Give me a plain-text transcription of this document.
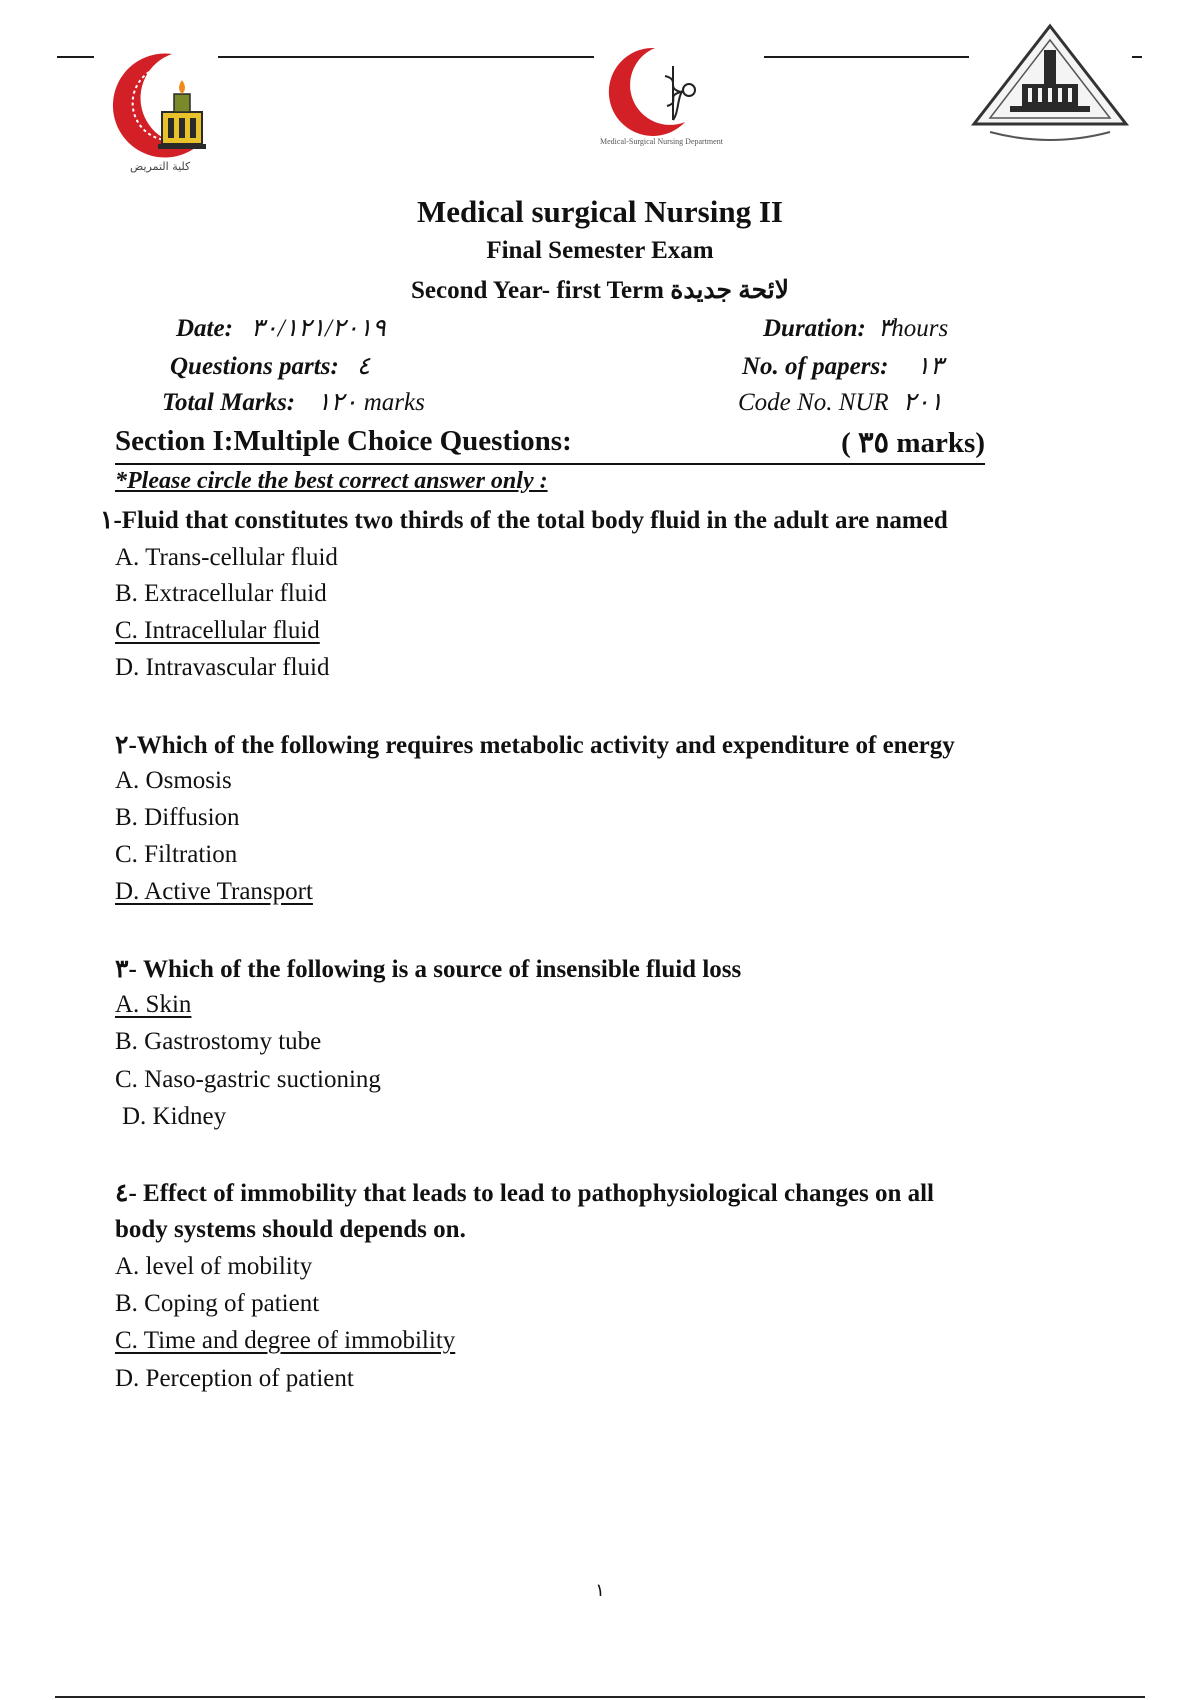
كلية التمريض
Medical-Surgical Nursing Department
Medical surgical Nursing II
Final Semester Exam
Second Year- first Term لائحة جديدة
Date: ٣٠/١٢١/٢٠١٩	Duration: ٣hours
Questions parts: ٤	No. of papers: ١٣
Total Marks: ١٢٠ marks	Code No. NUR ٢٠١
Section I:Multiple Choice Questions:	( ٣٥ marks)
*Please circle the best correct answer only :
١-Fluid that constitutes two thirds of the total body fluid in the adult are named
A. Trans-cellular fluid
B. Extracellular fluid
C. Intracellular fluid
D. Intravascular fluid
٢-Which of the following requires metabolic activity and expenditure of energy
A. Osmosis
B. Diffusion
C. Filtration
D. Active Transport
٣- Which of the following is a source of insensible fluid loss
A. Skin
B. Gastrostomy tube
C. Naso-gastric suctioning
D. Kidney
٤- Effect of immobility that leads to lead to pathophysiological changes on all
body systems should depends on.
A. level of mobility
B. Coping of patient
C. Time and degree of immobility
D. Perception of patient
١
